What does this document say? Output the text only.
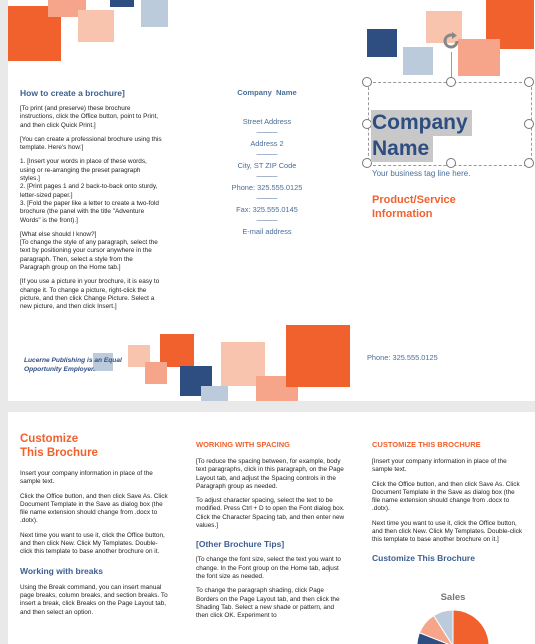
How to create a brochure]
[To print (and preserve) these brochure instructions, click the Office button, point to Print, and then click Quick Print.]
[You can create a professional brochure using this template. Here's how:]
1. [Insert your words in place of these words, using or re-arranging the preset paragraph styles.]
2. [Print pages 1 and 2 back-to-back onto sturdy, letter-sized paper.]
3. [Fold the paper like a letter to create a two-fold brochure (the panel with the title "Adventure Words" is the front).]
[What else should I know?]
[To change the style of any paragraph, select the text by positioning your cursor anywhere in the paragraph. Then, select a style from the Paragraph group on the Home tab.]
[If you use a picture in your brochure, it is easy to change it. To change a picture, right-click the picture, and then click Change Picture. Select a new picture, and then click Insert.]
Lucerne Publishing is an Equal Opportunity Employer.
Company  Name
Street Address
———
Address 2
———
City, ST ZIP Code
———
Phone: 325.555.0125
———
Fax: 325.555.0145
———
E-mail address
Company
Name
Your business tag line here.
Product/Service
Information
Phone: 325.555.0125
Customize
This Brochure
Insert your company information in place of the sample text.
Click the Office button, and then click Save As. Click Document Template in the Save as dialog box (the file name extension should change from .docx to .dotx).
Next time you want to use it, click the Office button, and then click New. Click My Templates. Double-click this template to base another brochure on it.
Working with breaks
Using the Break command, you can insert manual page breaks, column breaks, and section breaks. To insert a break, click Breaks on the Page Layout tab, and then select an option.
WORKING WITH SPACING
[To reduce the spacing between, for example, body text paragraphs, click in this paragraph, on the Page Layout tab, and adjust the Spacing controls in the Paragraph group as needed.
To adjust character spacing, select the text to be modified. Press Ctrl + D to open the Font dialog box. Click the Character Spacing tab, and then enter new values.]
[Other Brochure Tips]
[To change the font size, select the text you want to change. In the Font group on the Home tab, adjust the font size as needed.
To change the paragraph shading, click Page Borders on the Page Layout tab, and then click the Shading Tab. Select a new shade or pattern, and then click OK. Experiment to
CUSTOMIZE THIS BROCHURE
[Insert your company information in place of the sample text.
Click the Office button, and then click Save As. Click Document Template in the Save as dialog box (the file name extension should change from .docx to .dotx).
Next time you want to use it, click the Office button, and then click New. Click My Templates. Double-click this template to base another brochure on it.]
Customize This Brochure
Sales
